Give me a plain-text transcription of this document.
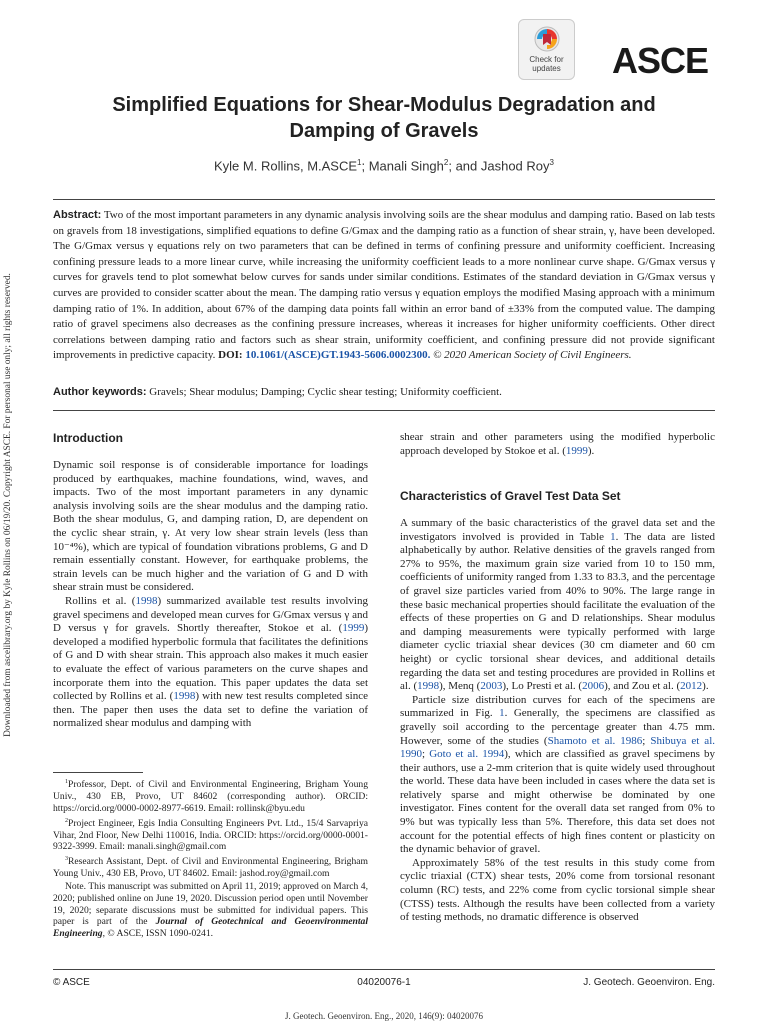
Downloaded from ascelibrary.org by Kyle Rollins on 06/19/20. Copyright ASCE. For personal use only; all rights reserved.
Check for
updates	ASCE
Simplified Equations for Shear-Modulus Degradation and
Damping of Gravels
Kyle M. Rollins, M.ASCE$^1$; Manali Singh$^2$; and Jashod Roy$^3$
Abstract: Two of the most important parameters in any dynamic analysis involving soils are the shear modulus and damping ratio. Based on lab tests on gravels from 18 investigations, simplified equations to define G/Gmax and the damping ratio as a function of shear strain, γ, have been developed. The G/Gmax versus γ equations rely on two parameters that can be defined in terms of confining pressure and uniformity coefficient. Increasing confining pressure leads to a more linear curve, while increasing the uniformity coefficient leads to a more nonlinear curve shape. G/Gmax versus γ curves for gravels tend to plot somewhat below curves for sands under similar conditions. Estimates of the standard deviation in G/Gmax versus γ curves are provided to consider scatter about the mean. The damping ratio versus γ equation employs the modified Masing approach with a minimum damping ratio of 1%. In addition, about 67% of the damping data points fall within an error band of ±33% from the computed value. The damping ratio of gravel specimens also decreases as the confining pressure increases, whereas it increases for higher uniformity coefficients. Other direct correlations between damping ratio and factors such as shear strain, uniformity coefficient, and confining pressure did not provide significant improvements in predictive capacity. DOI: 10.1061/(ASCE)GT.1943-5606.0002300. © 2020 American Society of Civil Engineers.
Author keywords: Gravels; Shear modulus; Damping; Cyclic shear testing; Uniformity coefficient.
Introduction

Dynamic soil response is of considerable importance for loadings produced by earthquakes, machine foundations, wind, waves, and impacts. Two of the most important parameters in any dynamic analysis involving soils are the shear modulus and the damping ratio. Both the shear modulus, G, and damping ration, D, are dependent on the cyclic shear strain, γ. At very low shear strain levels (less than 10⁻⁴%), which are typical of foundation vibrations problems, G and D remain essentially constant. However, for earthquake problems, the strain levels can be much higher and the variation of G and D with shear strain must be considered.

Rollins et al. (1998) summarized available test results involving gravel specimens and developed mean curves for G/Gmax versus γ and D versus γ for gravels. Shortly thereafter, Stokoe et al. (1999) developed a modified hyperbolic formula that facilitates the definitions of G and D with shear strain. This approach also makes it much easier to evaluate the effect of various parameters on the curve shapes and incorporate them into the equation. This paper updates the data set collected by Rollins et al. (1998) with new test results completed since then. The paper then uses the data set to define the variation of normalized shear modulus and damping with

shear strain and other parameters using the modified hyperbolic approach developed by Stokoe et al. (1999).

Characteristics of Gravel Test Data Set

A summary of the basic characteristics of the gravel data set and the investigators involved is provided in Table 1. The data are listed alphabetically by author. Relative densities of the gravels ranged from 27% to 95%, the maximum grain size varied from 10 to 150 mm, coefficients of uniformity ranged from 1.33 to 83.3, and the percentage of gravel size particles varied from 40% to 90%. The large range in these basic mechanical properties should facilitate the evaluation of the effects of these properties on G and D relationships. Shear modulus and damping measurements were typically performed with large diameter cyclic triaxial shear devices (30 cm diameter and 60 cm height) or cyclic torsional shear devices, and additional details regarding the data set and testing procedures are provided in Rollins et al. (1998), Menq (2003), Lo Presti et al. (2006), and Zou et al. (2012).

Particle size distribution curves for each of the specimens are summarized in Fig. 1. Generally, the specimens are classified as gravelly soil according to the percentage greater than 4.75 mm. However, some of the studies (Shamoto et al. 1986; Shibuya et al. 1990; Goto et al. 1994), which are classified as gravel specimens by their authors, use a 2-mm criterion that is quite widely used throughout the world. These data have been included in cases where the data set is relatively sparse and might otherwise be dominated by one investigator. Fines content for the overall data set ranged from 0% to 9% but was typically less than 5%. Therefore, this data set does not account for the potential effects of high fines content or plasticity on the dynamic behavior of gravel.

Approximately 58% of the test results in this study come from cyclic triaxial (CTX) shear tests, 20% come from torsional resonant column (RC) tests, and 22% come from cyclic torsional simple shear (CTSS) tests. Although the results have been collected from a variety of testing methods, no dramatic difference is observed

$^1$Professor, Dept. of Civil and Environmental Engineering, Brigham Young Univ., 430 EB, Provo, UT 84602 (corresponding author). ORCID: https://orcid.org/0000-0002-8977-6619. Email: rollinsk@byu.edu

$^2$Project Engineer, Egis India Consulting Engineers Pvt. Ltd., 15/4 Sarvapriya Vihar, 2nd Floor, New Delhi 110016, India. ORCID: https://orcid.org/0000-0001-9322-3999. Email: manali.singh@gmail.com

$^3$Research Assistant, Dept. of Civil and Environmental Engineering, Brigham Young Univ., 430 EB, Provo, UT 84602. Email: jashod.roy@gmail.com

Note. This manuscript was submitted on April 11, 2019; approved on March 4, 2020; published online on June 19, 2020. Discussion period open until November 19, 2020; separate discussions must be submitted for individual papers. This paper is part of the Journal of Geotechnical and Geoenvironmental Engineering, © ASCE, ISSN 1090-0241.

© ASCE	04020076-1	J. Geotech. Geoenviron. Eng.
J. Geotech. Geoenviron. Eng., 2020, 146(9): 04020076
